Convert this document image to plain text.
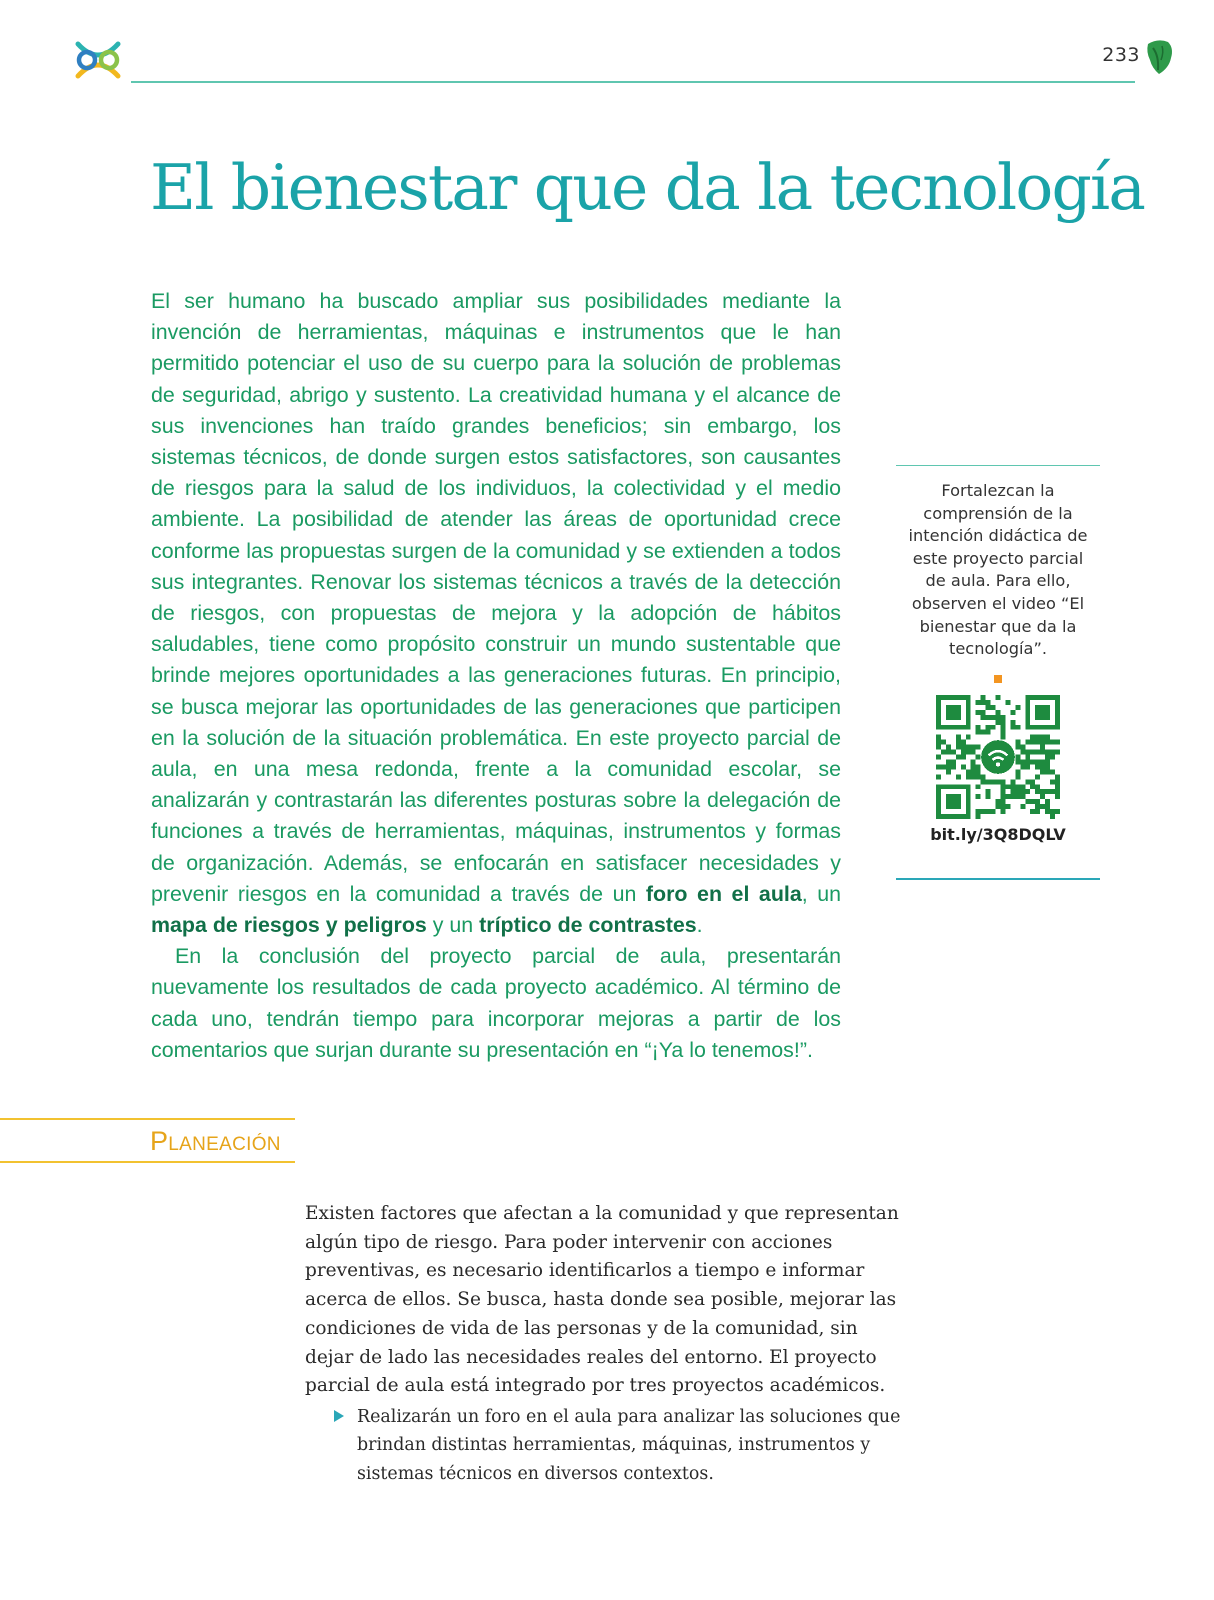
233
El bienestar que da la tecnología

El ser humano ha buscado ampliar sus posibilidades mediante la invención de herramientas, máquinas e instrumentos que le han permitido potenciar el uso de su cuerpo para la solución de problemas de seguridad, abrigo y sustento. La creatividad humana y el alcance de sus invenciones han traído grandes beneficios; sin embargo, los sistemas técnicos, de donde surgen estos satisfactores, son causantes de riesgos para la salud de los individuos, la colectividad y el medio ambiente. La posibilidad de atender las áreas de oportunidad crece conforme las propuestas surgen de la comunidad y se extienden a todos sus integrantes. Renovar los sistemas técnicos a través de la detección de riesgos, con propuestas de mejora y la adopción de hábitos saludables, tiene como propósito construir un mundo sustentable que brinde mejores oportunidades a las generaciones futuras. En principio, se busca mejorar las oportunidades de las generaciones que participen en la solución de la situación problemática. En este proyecto parcial de aula, en una mesa redonda, frente a la comunidad escolar, se analizarán y contrastarán las diferentes posturas sobre la delegación de funciones a través de herramientas, máquinas, instrumentos y formas de organización. Además, se enfocarán en satisfacer necesidades y prevenir riesgos en la comunidad a través de un foro en el aula, un mapa de riesgos y peligros y un tríptico de contrastes.

En la conclusión del proyecto parcial de aula, presentarán nuevamente los resultados de cada proyecto académico. Al término de cada uno, tendrán tiempo para incorporar mejoras a partir de los comentarios que surjan durante su presentación en “¡Ya lo tenemos!”.

Fortalezcan la comprensión de la intención didáctica de este proyecto parcial de aula. Para ello, observen el video “El bienestar que da la tecnología”.
bit.ly/3Q8DQLV
Planeación

Existen factores que afectan a la comunidad y que representan algún tipo de riesgo. Para poder intervenir con acciones preventivas, es necesario identificarlos a tiempo e informar acerca de ellos. Se busca, hasta donde sea posible, mejorar las condiciones de vida de las personas y de la comunidad, sin dejar de lado las necesidades reales del entorno. El proyecto parcial de aula está integrado por tres proyectos académicos.

Realizarán un foro en el aula para analizar las soluciones que brindan distintas herramientas, máquinas, instrumentos y sistemas técnicos en diversos contextos.
